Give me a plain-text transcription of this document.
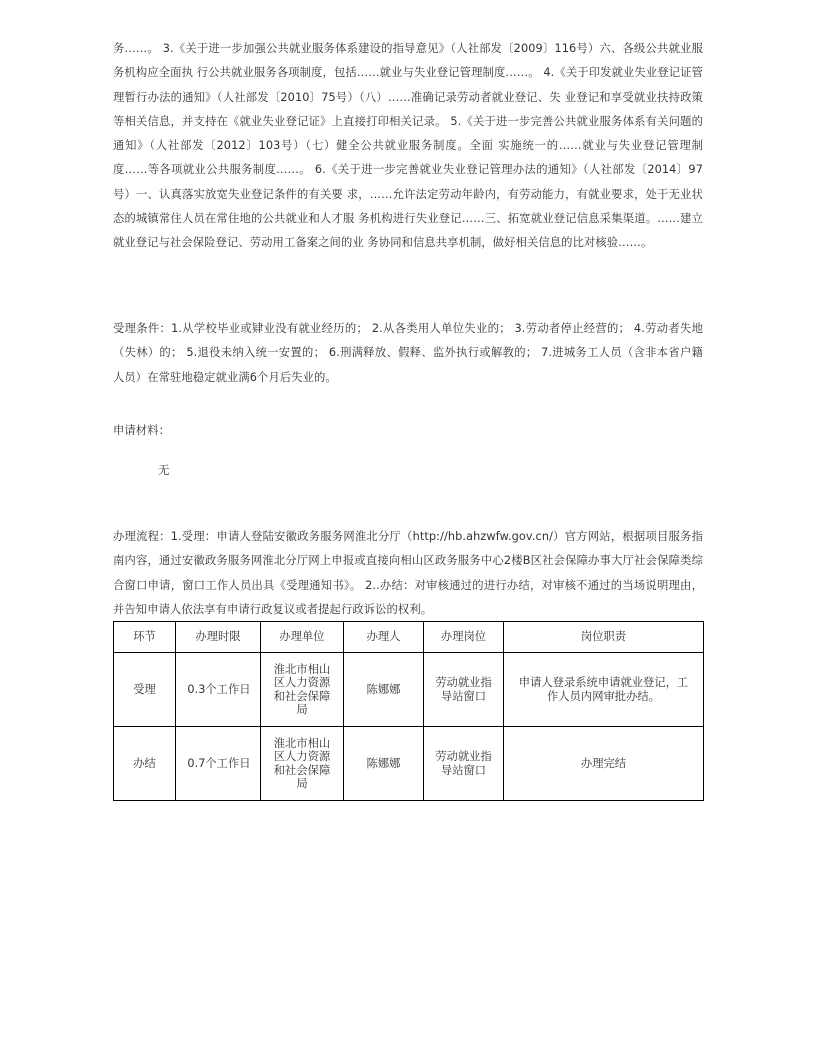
务……。 3.《关于进一步加强公共就业服务体系建设的指导意见》（人社部发〔2009〕116号）六、各级公共就业服务机构应全面执 行公共就业服务各项制度，包括……就业与失业登记管理制度……。 4.《关于印发就业失业登记证管理暂行办法的通知》（人社部发〔2010〕75号）（八）……准确记录劳动者就业登记、失 业登记和享受就业扶持政策等相关信息，并支持在《就业失业登记证》上直接打印相关记录。 5.《关于进一步完善公共就业服务体系有关问题的通知》（人社部发〔2012〕103号）（七）健全公共就业服务制度。全面 实施统一的……就业与失业登记管理制度……等各项就业公共服务制度……。 6.《关于进一步完善就业失业登记管理办法的通知》（人社部发〔2014〕97号）一、认真落实放宽失业登记条件的有关要 求，……允许法定劳动年龄内，有劳动能力，有就业要求，处于无业状态的城镇常住人员在常住地的公共就业和人才服 务机构进行失业登记……三、拓宽就业登记信息采集渠道。……建立就业登记与社会保险登记、劳动用工备案之间的业 务协同和信息共享机制，做好相关信息的比对核验……。

受理条件：1.从学校毕业或肄业没有就业经历的； 2.从各类用人单位失业的； 3.劳动者停止经营的； 4.劳动者失地（失林）的； 5.退役未纳入统一安置的； 6.刑满释放、假释、监外执行或解教的； 7.进城务工人员（含非本省户籍人员）在常驻地稳定就业满6个月后失业的。

申请材料：

无

办理流程：1.受理：申请人登陆安徽政务服务网淮北分厅（http://hb.ahzwfw.gov.cn/）官方网站，根据项目服务指南内容，通过安徽政务服务网淮北分厅网上申报或直接向相山区政务服务中心2楼B区社会保障办事大厅社会保障类综合窗口申请，窗口工作人员出具《受理通知书》。 2..办结：对审核通过的进行办结，对审核不通过的当场说明理由，并告知申请人依法享有申请行政复议或者提起行政诉讼的权利。

环节	办理时限	办理单位	办理人	办理岗位	岗位职责
受理	0.3个工作日	淮北市相山区人力资源和社会保障局	陈娜娜	劳动就业指导站窗口	申请人登录系统申请就业登记，工作人员内网审批办结。
办结	0.7个工作日	淮北市相山区人力资源和社会保障局	陈娜娜	劳动就业指导站窗口	办理完结
